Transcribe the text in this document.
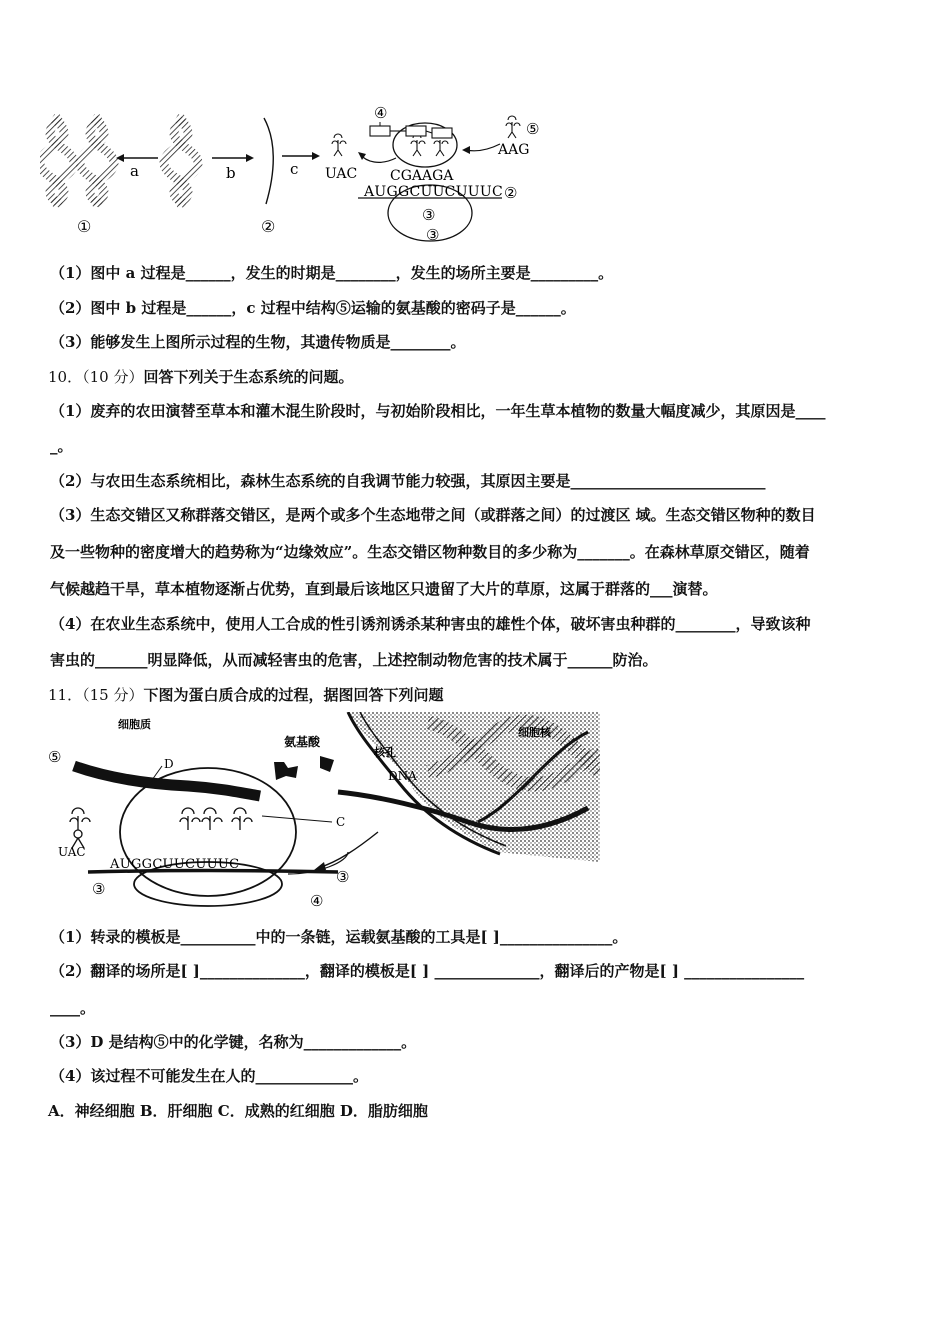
a	b	c
AUGGCUUCUUUC ②
③
④
UAC CGAAGA
AAG
⑤
①	②	③
（1）图中 a 过程是______，发生的时期是________，发生的场所主要是_________。
（2）图中 b 过程是______，c 过程中结构⑤运输的氨基酸的密码子是______。
（3）能够发生上图所示过程的生物，其遗传物质是________。
10．（10 分）回答下列关于生态系统的问题。
（1）废弃的农田演替至草本和灌木混生阶段时，与初始阶段相比，一年生草本植物的数量大幅度减少，其原因是____
_。
（2）与农田生态系统相比，森林生态系统的自我调节能力较强，其原因主要是__________________________
（3）生态交错区又称群落交错区，是两个或多个生态地带之间（或群落之间）的过渡区 域。生态交错区物种的数目
及一些物种的密度增大的趋势称为“边缘效应”。生态交错区物种数目的多少称为_______。在森林草原交错区，随着
气候越趋干旱，草本植物逐渐占优势，直到最后该地区只遗留了大片的草原，这属于群落的___演替。
（4）在农业生态系统中，使用人工合成的性引诱剂诱杀某种害虫的雄性个体，破坏害虫种群的________，导致该种
害虫的_______明显降低，从而减轻害虫的危害，上述控制动物危害的技术属于______防治。
11．（15 分）下图为蛋白质合成的过程，据图回答下列问题
细胞核
核孔
DNA
细胞质
氨基酸
⑤	D
C
UAC
AUGGCUUCUUUC
③
③
④
（1）转录的模板是__________中的一条链，运载氨基酸的工具是[ ]_______________。
（2）翻译的场所是[ ]______________，翻译的模板是[ ] ______________，翻译后的产物是[ ] ________________
____。
（3）D 是结构⑤中的化学键，名称为_____________。
（4）该过程不可能发生在人的_____________。
A．神经细胞 B．肝细胞 C．成熟的红细胞 D．脂肪细胞
